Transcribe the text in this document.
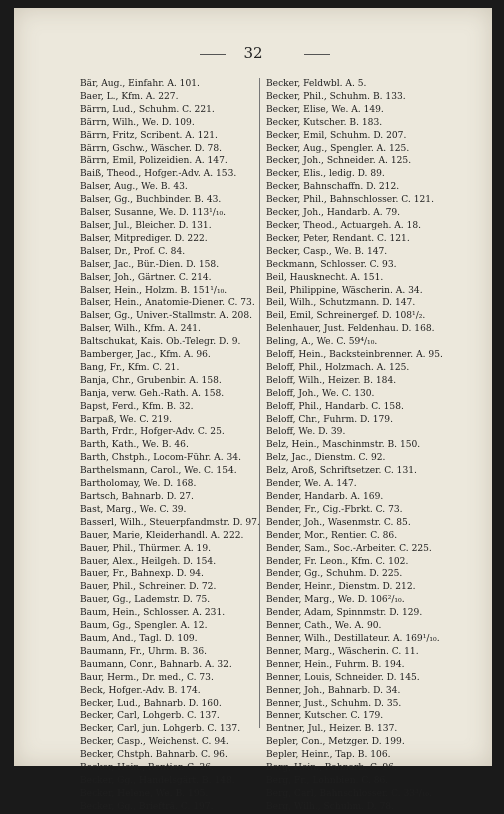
32
Bär, Aug., Einfahr. A. 101.
Baer, L., Kfm. A. 227.
Bärrn, Lud., Schuhm. C. 221.
Bärrn, Wilh., We. D. 109.
Bärrn, Fritz, Scribent. A. 121.
Bärrn, Gschw., Wäscher. D. 78.
Bärrn, Emil, Polizeidien. A. 147.
Baiß, Theod., Hofger.-Adv. A. 153.
Balser, Aug., We. B. 43.
Balser, Gg., Buchbinder. B. 43.
Balser, Susanne, We. D. 113¹/₁₀.
Balser, Jul., Bleicher. D. 131.
Balser, Mitprediger. D. 222.
Balser, Dr., Prof. C. 84.
Balser, Jac., Bür.-Dien. D. 158.
Balser, Joh., Gärtner. C. 214.
Balser, Hein., Holzm. B. 151¹/₁₀.
Balser, Hein., Anatomie-Diener. C. 73.
Balser, Gg., Univer.-Stallmstr. A. 208.
Balser, Wilh., Kfm. A. 241.
Baltschukat, Kais. Ob.-Telegr. D. 9.
Bamberger, Jac., Kfm. A. 96.
Bang, Fr., Kfm. C. 21.
Banja, Chr., Grubenbir. A. 158.
Banja, verw. Geh.-Rath. A. 158.
Bapst, Ferd., Kfm. B. 32.
Barpaß, We. C. 219.
Barth, Frdr., Hofger-Adv. C. 25.
Barth, Kath., We. B. 46.
Barth, Chstph., Locom-Führ. A. 34.
Barthelsmann, Carol., We. C. 154.
Bartholomay, We. D. 168.
Bartsch, Bahnarb. D. 27.
Bast, Marg., We. C. 39.
Basserl, Wilh., Steuerpfandmstr. D. 97.
Bauer, Marie, Kleiderhandl. A. 222.
Bauer, Phil., Thürmer. A. 19.
Bauer, Alex., Heilgeh. D. 154.
Bauer, Fr., Bahnexp. D. 94.
Bauer, Phil., Schreiner. D. 72.
Bauer, Gg., Lademstr. D. 75.
Baum, Hein., Schlosser. A. 231.
Baum, Gg., Spengler. A. 12.
Baum, And., Tagl. D. 109.
Baumann, Fr., Uhrm. B. 36.
Baumann, Conr., Bahnarb. A. 32.
Baur, Herm., Dr. med., C. 73.
Beck, Hofger.-Adv. B. 174.
Becker, Lud., Bahnarb. D. 160.
Becker, Carl, Lohgerb. C. 137.
Becker, Carl, jun. Lohgerb. C. 137.
Becker, Casp., Weichenst. C. 94.
Becker, Chstph. Bahnarb. C. 96.
Becker, Hein., Rentier. C. 26.
Becker, Gg., Handelsgärt. B. 148.
Becker, Helene, We. B. 195.
Becker, Gg., Briefträ. C. 197.
Becker, Feldwbl. A. 5.
Becker, Phil., Schuhm. B. 133.
Becker, Elise, We. A. 149.
Becker, Kutscher. B. 183.
Becker, Emil, Schuhm. D. 207.
Becker, Aug., Spengler. A. 125.
Becker, Joh., Schneider. A. 125.
Becker, Elis., ledig. D. 89.
Becker, Bahnschaffn. D. 212.
Becker, Phil., Bahnschlosser. C. 121.
Becker, Joh., Handarb. A. 79.
Becker, Theod., Actuargeh. A. 18.
Becker, Peter, Rendant. C. 121.
Becker, Casp., We. B. 147.
Beckmann, Schlosser. C. 93.
Beil, Hausknecht. A. 151.
Beil, Philippine, Wäscherin. A. 34.
Beil, Wilh., Schutzmann. D. 147.
Beil, Emil, Schreinergef. D. 108¹/₂.
Belenhauer, Just. Feldenhau. D. 168.
Beling, A., We. C. 59⁴/₁₀.
Beloff, Hein., Backsteinbrenner. A. 95.
Beloff, Phil., Holzmach. A. 125.
Beloff, Wilh., Heizer. B. 184.
Beloff, Joh., We. C. 130.
Beloff, Phil., Handarb. C. 158.
Beloff, Chr., Fuhrm. D. 179.
Beloff, We. D. 39.
Belz, Hein., Maschinmstr. B. 150.
Belz, Jac., Dienstm. C. 92.
Belz, Aroß, Schriftsetzer. C. 131.
Bender, We. A. 147.
Bender, Handarb. A. 169.
Bender, Fr., Cig.-Fbrkt. C. 73.
Bender, Joh., Wasenmstr. C. 85.
Bender, Mor., Rentier. C. 86.
Bender, Sam., Soc.-Arbeiter. C. 225.
Bender, Fr. Leon., Kfm. C. 102.
Bender, Gg., Schuhm. D. 225.
Bender, Heinr., Dienstm. D. 212.
Bender, Marg., We. D. 106²/₁₀.
Bender, Adam, Spinnmstr. D. 129.
Benner, Cath., We. A. 90.
Benner, Wilh., Destillateur. A. 169¹/₁₀.
Benner, Marg., Wäscherin. C. 11.
Benner, Hein., Fuhrm. B. 194.
Benner, Louis, Schneider. D. 145.
Benner, Joh., Bahnarb. D. 34.
Benner, Just., Schuhm. D. 35.
Benner, Kutscher. C. 179.
Bentner, Jul., Heizer. B. 137.
Bepler, Con., Metzger. D. 199.
Bepler, Heinr., Tap. B. 106.
Berg, Hein., Bahnarb. C. 96.
Berg, Fr., Lohnbien. C. 86.
Berg, Carl, Bahnschlosser. C. 33³/₁₀.
Berg, Wilh., Schuhm. D. 78.
